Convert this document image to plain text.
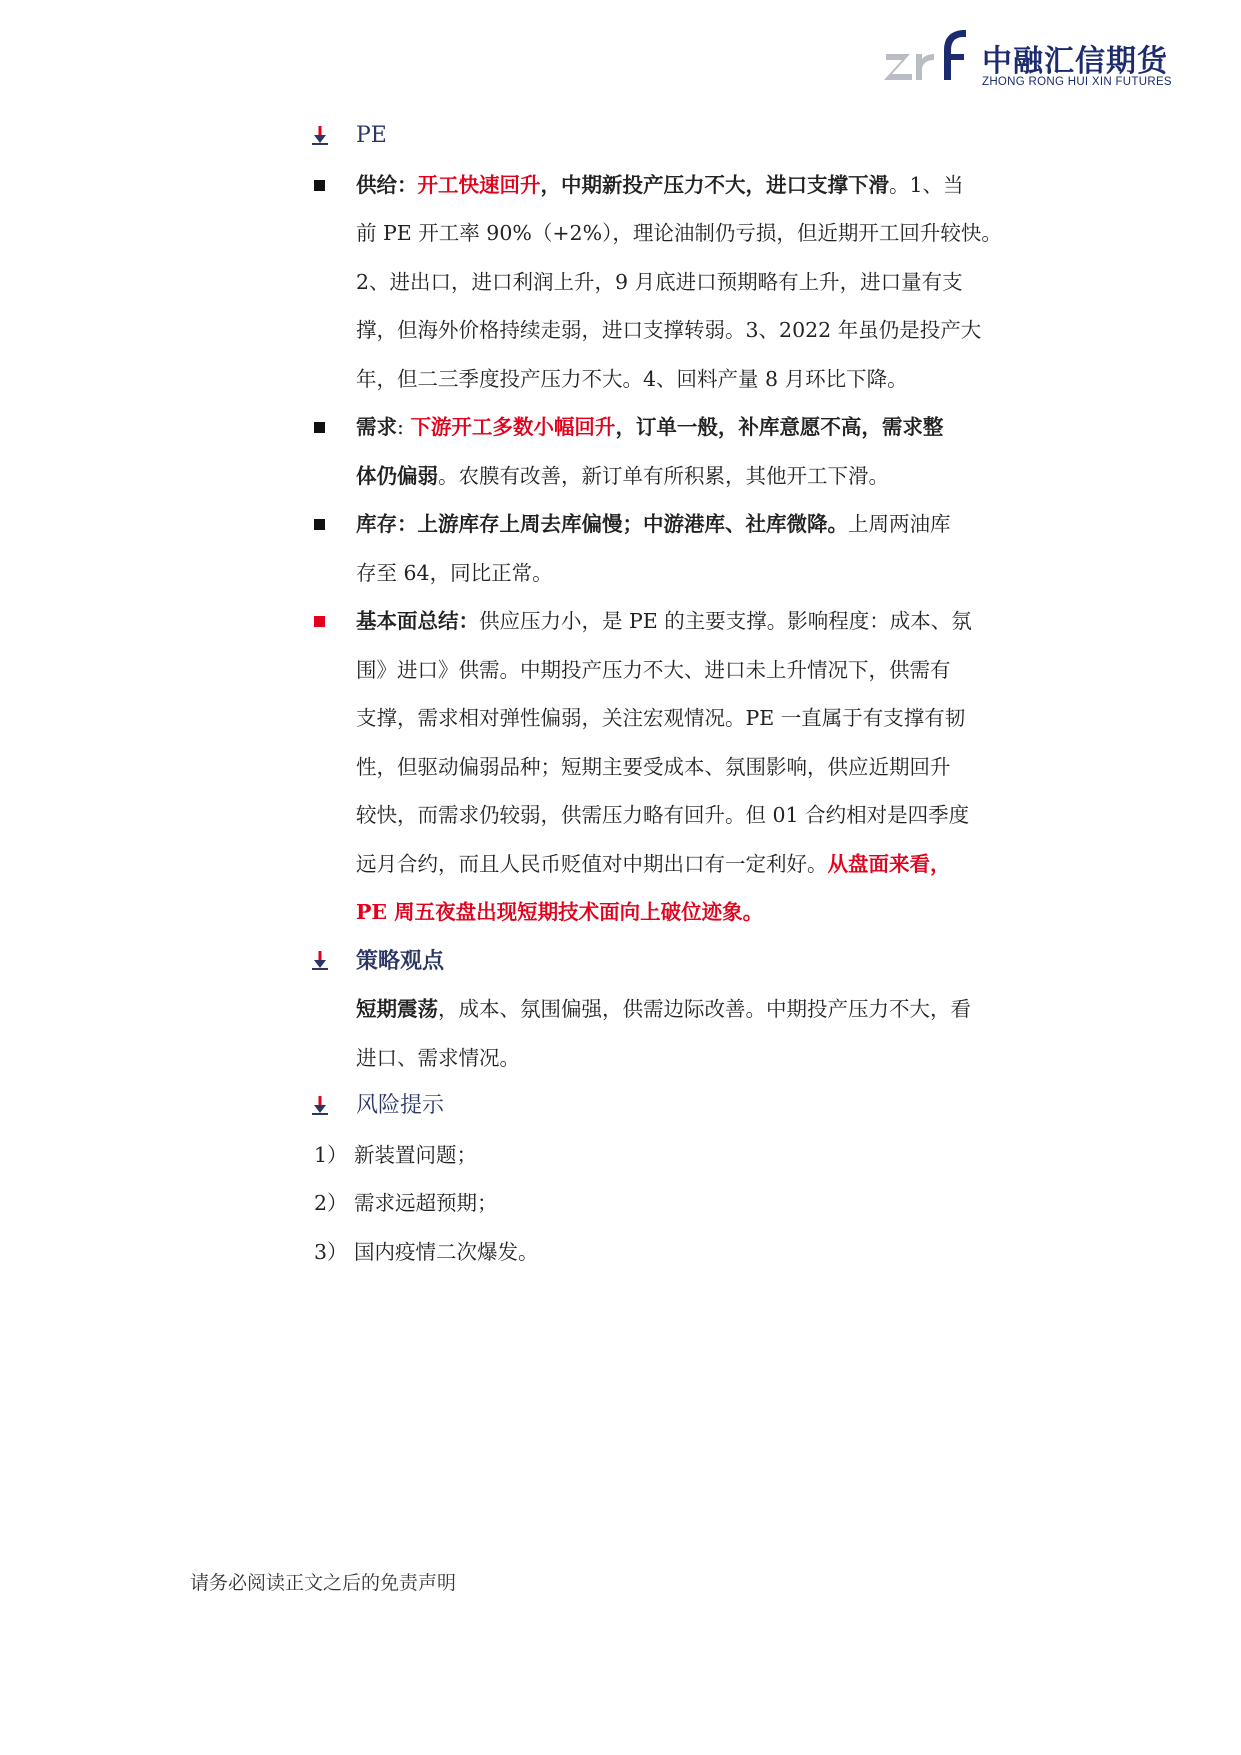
中融汇信期货
ZHONG RONG HUI XIN FUTURES
PE
供给：开工快速回升，中期新投产压力不大，进口支撑下滑。1、当
前 PE 开工率 90%（+2%），理论油制仍亏损，但近期开工回升较快。
2、进出口，进口利润上升，9 月底进口预期略有上升，进口量有支
撑，但海外价格持续走弱，进口支撑转弱。3、2022 年虽仍是投产大
年，但二三季度投产压力不大。4、回料产量 8 月环比下降。
需求: 下游开工多数小幅回升，订单一般，补库意愿不高，需求整
体仍偏弱。农膜有改善，新订单有所积累，其他开工下滑。
库存：上游库存上周去库偏慢；中游港库、社库微降。上周两油库
存至 64，同比正常。
基本面总结：供应压力小，是 PE 的主要支撑。影响程度：成本、氛
围》进口》供需。中期投产压力不大、进口未上升情况下，供需有
支撑，需求相对弹性偏弱，关注宏观情况。PE 一直属于有支撑有韧
性，但驱动偏弱品种；短期主要受成本、氛围影响，供应近期回升
较快，而需求仍较弱，供需压力略有回升。但 01 合约相对是四季度
远月合约，而且人民币贬值对中期出口有一定利好。从盘面来看，
PE 周五夜盘出现短期技术面向上破位迹象。
策略观点
短期震荡，成本、氛围偏强，供需边际改善。中期投产压力不大，看
进口、需求情况。
风险提示
1） 新装置问题；
2） 需求远超预期；
3） 国内疫情二次爆发。
请务必阅读正文之后的免责声明
